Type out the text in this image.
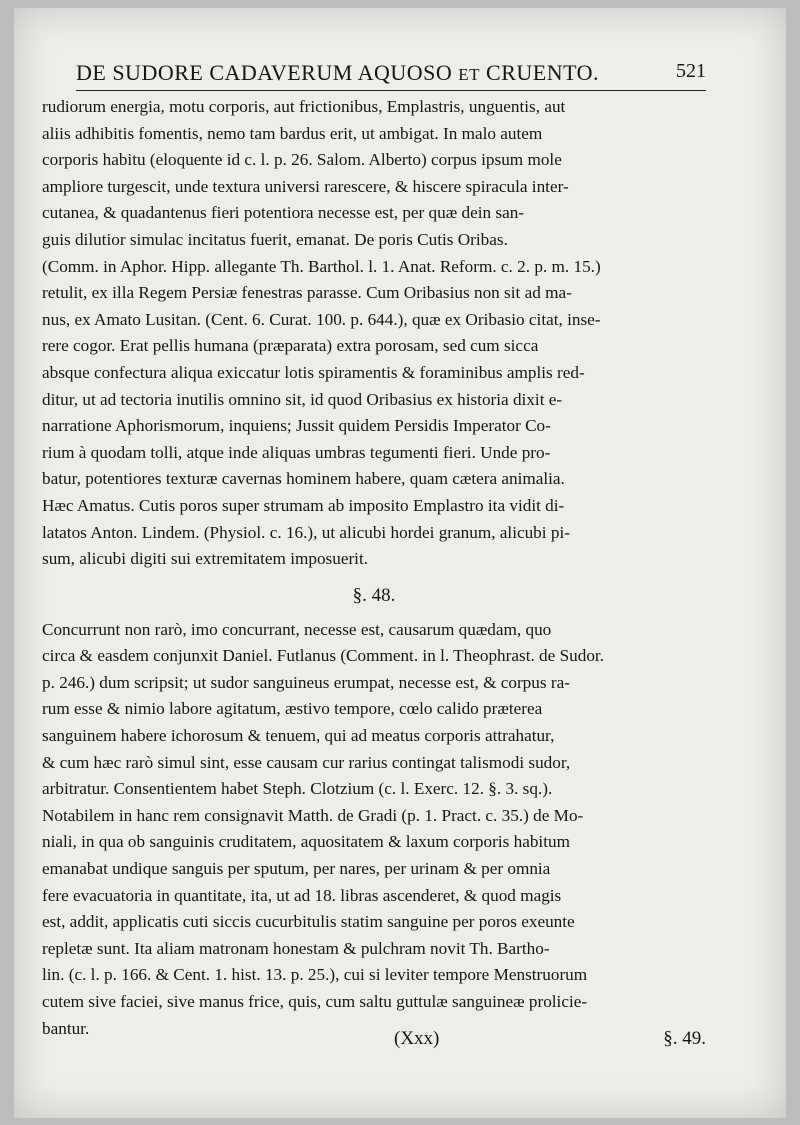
DE SUDORE CADAVERUM AQUOSO ET CRUENTO.	521
rudiorum energia, motu corporis, aut frictionibus, Emplastris, unguentis, aut
aliis adhibitis fomentis, nemo tam bardus erit, ut ambigat. In malo autem
corporis habitu (eloquente id c. l. p. 26. Salom. Alberto) corpus ipsum mole
ampliore turgescit, unde textura universi rarescere, & hiscere spiracula inter-
cutanea, & quadantenus fieri potentiora necesse est, per quæ dein san-
guis dilutior simulac incitatus fuerit, emanat. De poris Cutis Oribas.
(Comm. in Aphor. Hipp. allegante Th. Barthol. l. 1. Anat. Reform. c. 2. p. m. 15.)
retulit, ex illa Regem Persiæ fenestras parasse. Cum Oribasius non sit ad ma-
nus, ex Amato Lusitan. (Cent. 6. Curat. 100. p. 644.), quæ ex Oribasio citat, inse-
rere cogor. Erat pellis humana (præparata) extra porosam, sed cum sicca
absque confectura aliqua exiccatur lotis spiramentis & foraminibus amplis red-
ditur, ut ad tectoria inutilis omnino sit, id quod Oribasius ex historia dixit e-
narratione Aphorismorum, inquiens; Jussit quidem Persidis Imperator Co-
rium à quodam tolli, atque inde aliquas umbras tegumenti fieri. Unde pro-
batur, potentiores texturæ cavernas hominem habere, quam cætera animalia.
Hæc Amatus. Cutis poros super strumam ab imposito Emplastro ita vidit di-
latatos Anton. Lindem. (Physiol. c. 16.), ut alicubi hordei granum, alicubi pi-
sum, alicubi digiti sui extremitatem imposuerit.
§. 48.
Concurrunt non rarò, imo concurrant, necesse est, causarum quædam, quo
circa & easdem conjunxit Daniel. Futlanus (Comment. in l. Theophrast. de Sudor.
p. 246.) dum scripsit; ut sudor sanguineus erumpat, necesse est, & corpus ra-
rum esse & nimio labore agitatum, æstivo tempore, cœlo calido præterea
sanguinem habere ichorosum & tenuem, qui ad meatus corporis attrahatur,
& cum hæc rarò simul sint, esse causam cur rarius contingat talismodi sudor,
arbitratur. Consentientem habet Steph. Clotzium (c. l. Exerc. 12. §. 3. sq.).
Notabilem in hanc rem consignavit Matth. de Gradi (p. 1. Pract. c. 35.) de Mo-
niali, in qua ob sanguinis cruditatem, aquositatem & laxum corporis habitum
emanabat undique sanguis per sputum, per nares, per urinam & per omnia
fere evacuatoria in quantitate, ita, ut ad 18. libras ascenderet, & quod magis
est, addit, applicatis cuti siccis cucurbitulis statim sanguine per poros exeunte
repletæ sunt. Ita aliam matronam honestam & pulchram novit Th. Bartho-
lin. (c. l. p. 166. & Cent. 1. hist. 13. p. 25.), cui si leviter tempore Menstruorum
cutem sive faciei, sive manus frice, quis, cum saltu guttulæ sanguineæ prolicie-
bantur.	(Xxx)	§. 49.
